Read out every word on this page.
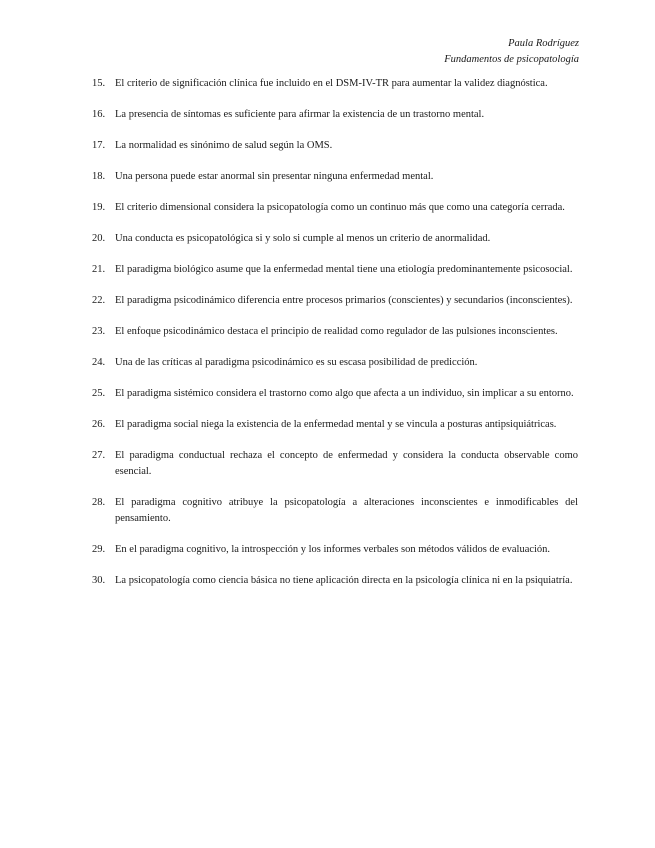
Paula Rodríguez
Fundamentos de psicopatología
15. El criterio de significación clínica fue incluido en el DSM-IV-TR para aumentar la validez diagnóstica.
16. La presencia de síntomas es suficiente para afirmar la existencia de un trastorno mental.
17. La normalidad es sinónimo de salud según la OMS.
18. Una persona puede estar anormal sin presentar ninguna enfermedad mental.
19. El criterio dimensional considera la psicopatología como un continuo más que como una categoría cerrada.
20. Una conducta es psicopatológica si y solo si cumple al menos un criterio de anormalidad.
21. El paradigma biológico asume que la enfermedad mental tiene una etiología predominantemente psicosocial.
22. El paradigma psicodinámico diferencia entre procesos primarios (conscientes) y secundarios (inconscientes).
23. El enfoque psicodinámico destaca el principio de realidad como regulador de las pulsiones inconscientes.
24. Una de las críticas al paradigma psicodinámico es su escasa posibilidad de predicción.
25. El paradigma sistémico considera el trastorno como algo que afecta a un individuo, sin implicar a su entorno.
26. El paradigma social niega la existencia de la enfermedad mental y se vincula a posturas antipsiquiátricas.
27. El paradigma conductual rechaza el concepto de enfermedad y considera la conducta observable como esencial.
28. El paradigma cognitivo atribuye la psicopatología a alteraciones inconscientes e inmodificables del pensamiento.
29. En el paradigma cognitivo, la introspección y los informes verbales son métodos válidos de evaluación.
30. La psicopatología como ciencia básica no tiene aplicación directa en la psicología clínica ni en la psiquiatría.
